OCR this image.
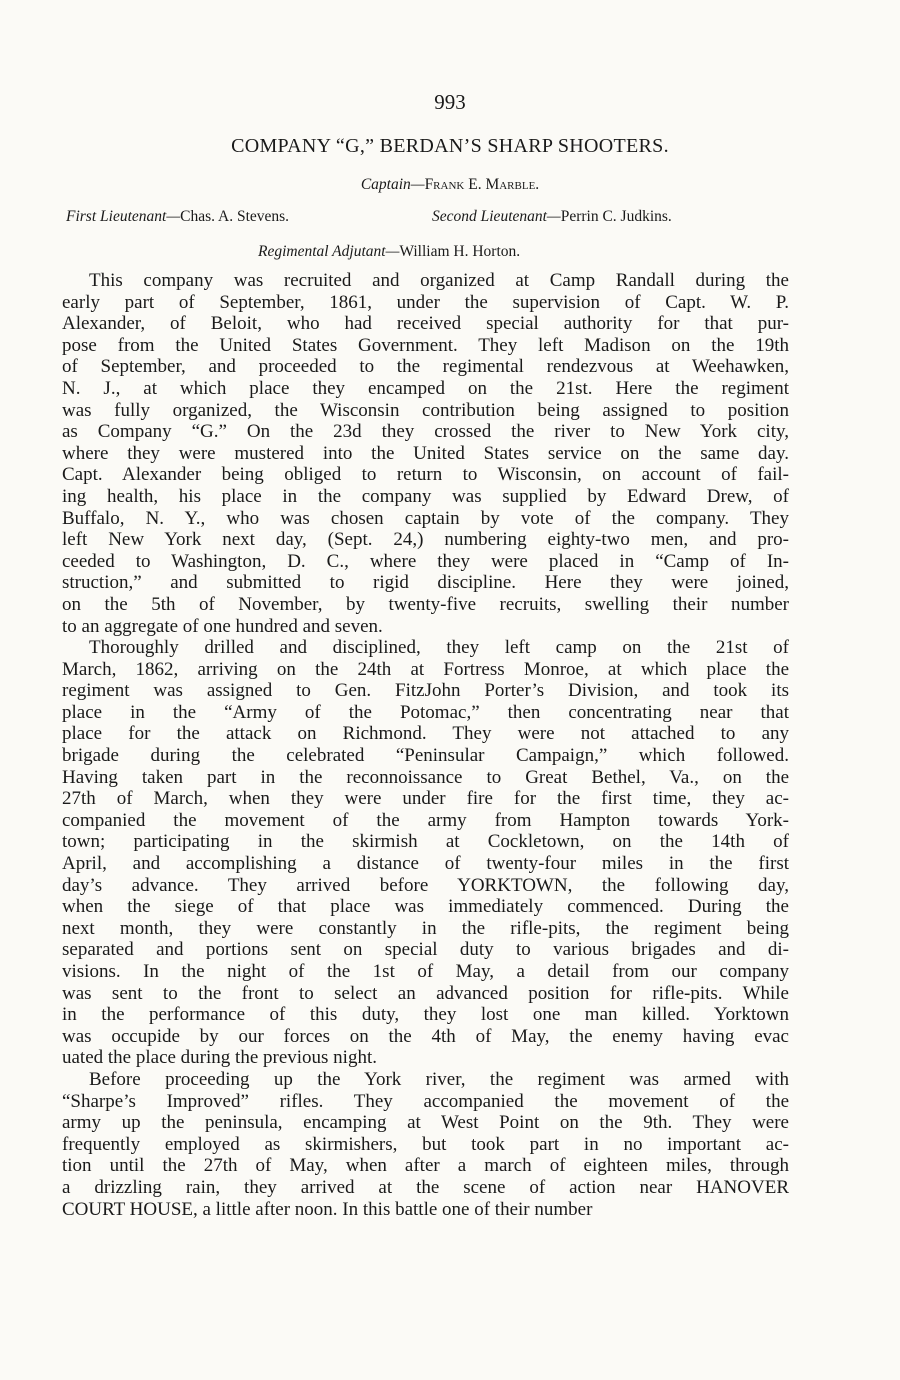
993
COMPANY “G,” BERDAN’S SHARP SHOOTERS.
Captain—Frank E. Marble.
First Lieutenant—Chas. A. Stevens.	Second Lieutenant—Perrin C. Judkins.
Regimental Adjutant—William H. Horton.
This company was recruited and organized at Camp Randall during the
early part of September, 1861, under the supervision of Capt. W. P.
Alexander, of Beloit, who had received special authority for that pur-
pose from the United States Government. They left Madison on the 19th
of September, and proceeded to the regimental rendezvous at Weehawken,
N. J., at which place they encamped on the 21st. Here the regiment
was fully organized, the Wisconsin contribution being assigned to position
as Company “G.” On the 23d they crossed the river to New York city,
where they were mustered into the United States service on the same day.
Capt. Alexander being obliged to return to Wisconsin, on account of fail-
ing health, his place in the company was supplied by Edward Drew, of
Buffalo, N. Y., who was chosen captain by vote of the company. They
left New York next day, (Sept. 24,) numbering eighty-two men, and pro-
ceeded to Washington, D. C., where they were placed in “Camp of In-
struction,” and submitted to rigid discipline. Here they were joined,
on the 5th of November, by twenty-five recruits, swelling their number
to an aggregate of one hundred and seven.
Thoroughly drilled and disciplined, they left camp on the 21st of
March, 1862, arriving on the 24th at Fortress Monroe, at which place the
regiment was assigned to Gen. FitzJohn Porter’s Division, and took its
place in the “Army of the Potomac,” then concentrating near that
place for the attack on Richmond. They were not attached to any
brigade during the celebrated “Peninsular Campaign,” which followed.
Having taken part in the reconnoissance to Great Bethel, Va., on the
27th of March, when they were under fire for the first time, they ac-
companied the movement of the army from Hampton towards York-
town; participating in the skirmish at Cockletown, on the 14th of
April, and accomplishing a distance of twenty-four miles in the first
day’s advance. They arrived before YORKTOWN, the following day,
when the siege of that place was immediately commenced. During the
next month, they were constantly in the rifle-pits, the regiment being
separated and portions sent on special duty to various brigades and di-
visions. In the night of the 1st of May, a detail from our company
was sent to the front to select an advanced position for rifle-pits. While
in the performance of this duty, they lost one man killed. Yorktown
was occupide by our forces on the 4th of May, the enemy having evac
uated the place during the previous night.
Before proceeding up the York river, the regiment was armed with
“Sharpe’s Improved” rifles. They accompanied the movement of the
army up the peninsula, encamping at West Point on the 9th. They were
frequently employed as skirmishers, but took part in no important ac-
tion until the 27th of May, when after a march of eighteen miles, through
a drizzling rain, they arrived at the scene of action near HANOVER
COURT HOUSE, a little after noon. In this battle one of their number
